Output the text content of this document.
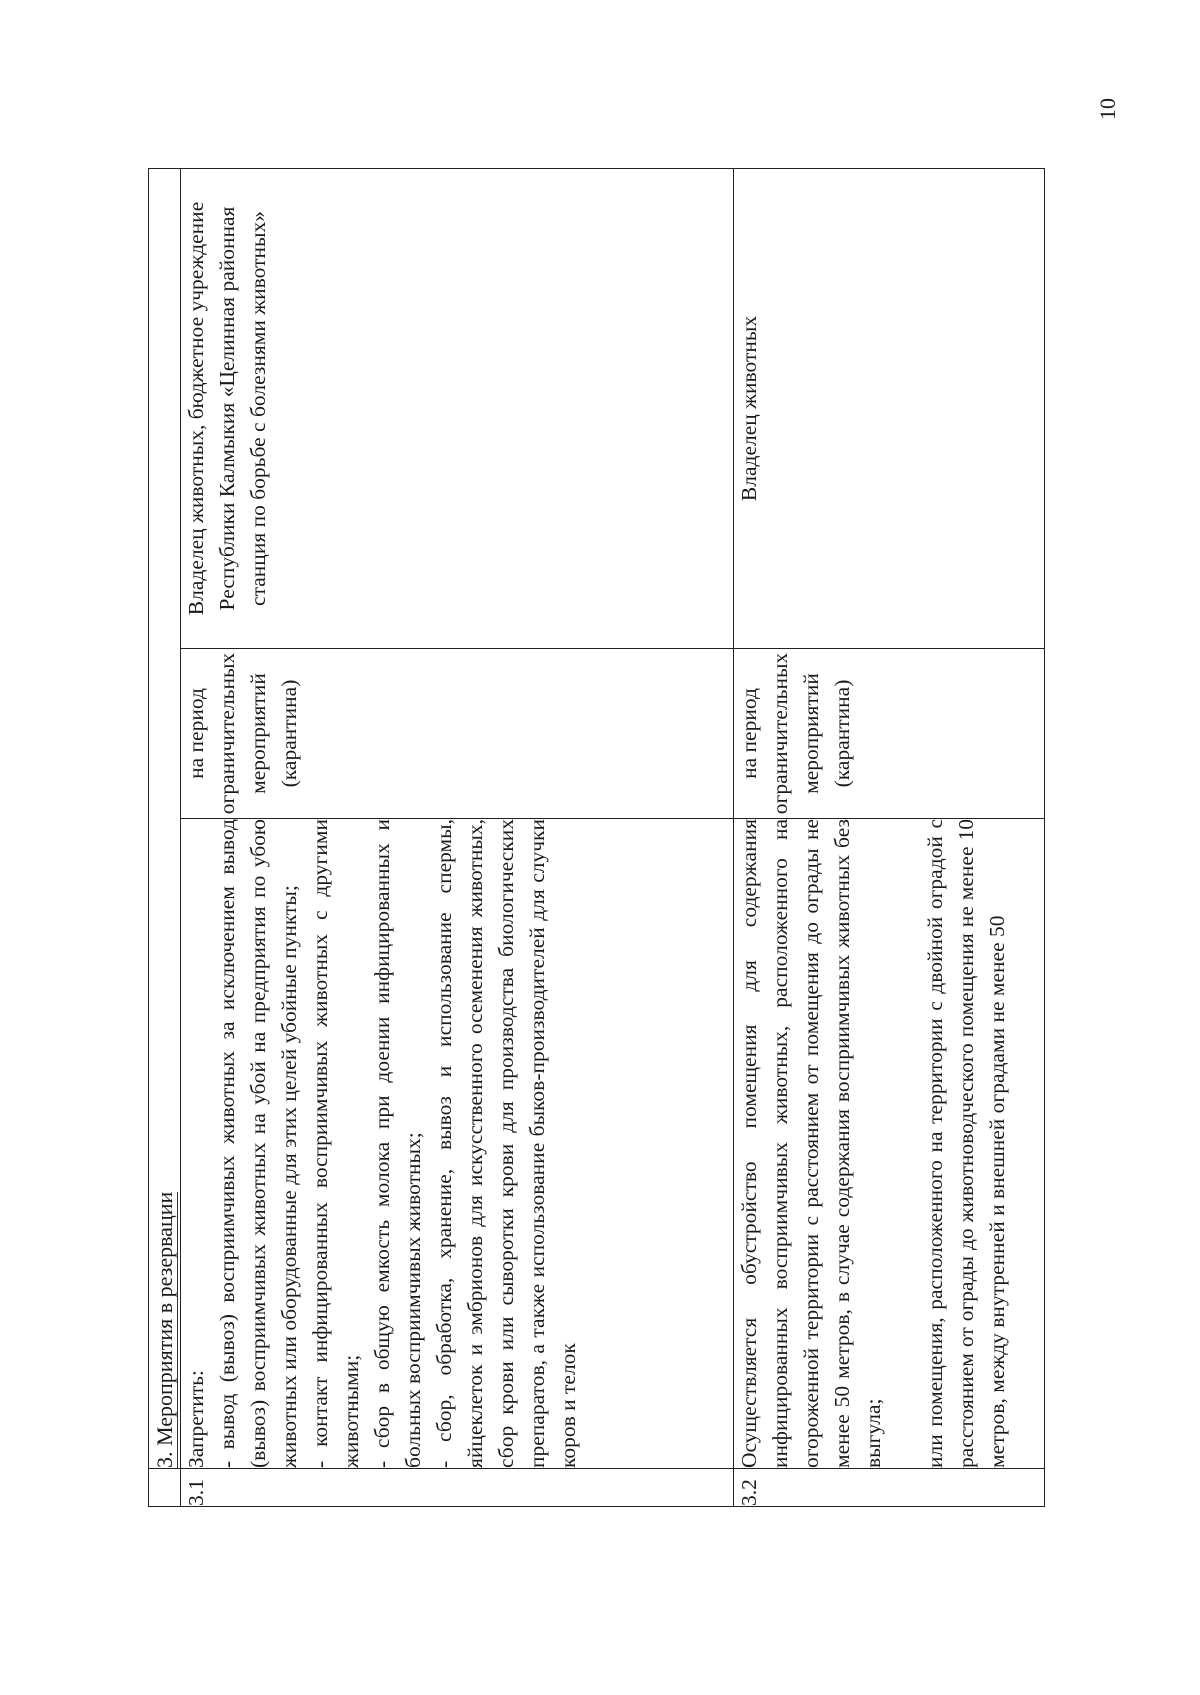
	3. Мероприятия в резервации		
3.1	Запретить: - вывод (вывоз) восприимчивых животных за исключением вывод (вывоз) восприимчивых животных на убой на предприятия по убою животных или оборудованные для этих целей убойные пункты; - контакт инфицированных восприимчивых животных с другими животными; - сбор в общую емкость молока при доении инфицированных и больных восприимчивых животных; - сбор, обработка, хранение, вывоз и использование спермы, яйцеклеток и эмбрионов для искусственного осеменения животных, сбор крови или сыворотки крови для производства биологических препаратов, а также использование быков-производителей для случки коров и телок	на период ограничительных мероприятий (карантина)	Владелец животных, бюджетное учреждение Республики Калмыкия «Целинная районная станция по борьбе с болезнями животных»
3.2	Осуществляется обустройство помещения для содержания инфицированных восприимчивых животных, расположенного на огороженной территории с расстоянием от помещения до ограды не менее 50 метров, в случае содержания восприимчивых животных без выгула; или помещения, расположенного на территории с двойной оградой с расстоянием от ограды до животноводческого помещения не менее 10 метров, между внутренней и внешней оградами не менее 50	на период ограничительных мероприятий (карантина)	Владелец животных
10
